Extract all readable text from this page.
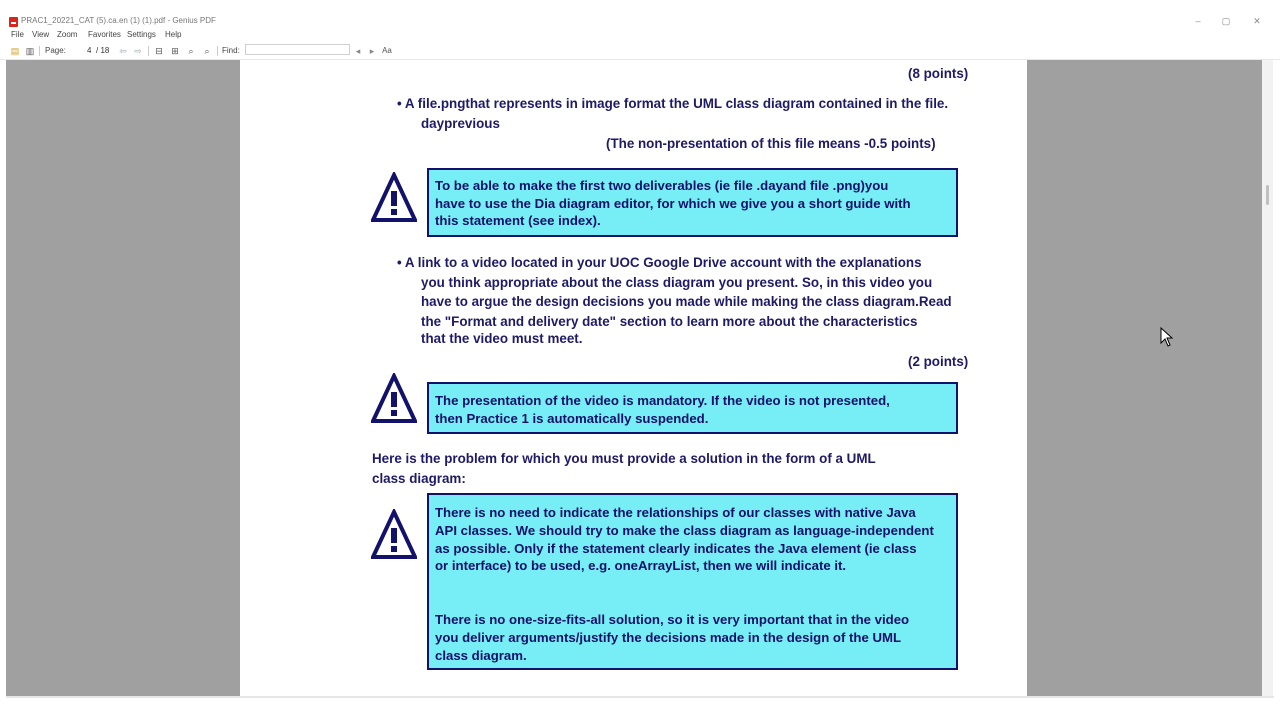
PRAC1_20221_CAT (5).ca.en (1) (1).pdf - Genius PDF	–	▢	✕
File View Zoom Favorites Settings Help
▤ ▥ Page:	4 / 18 ⇦ ⇨ ⊟ ⊞ ⌕ ⌕	Find:	◂	▸ Aa
(8 points)
• A file.pngthat represents in image format the UML class diagram contained in the file.
dayprevious
(The non-presentation of this file means -0.5 points)
To be able to make the first two deliverables (ie file .dayand file .png)you
have to use the Dia diagram editor, for which we give you a short guide with
this statement (see index).
• A link to a video located in your UOC Google Drive account with the explanations
you think appropriate about the class diagram you present. So, in this video you
have to argue the design decisions you made while making the class diagram.Read
the "Format and delivery date" section to learn more about the characteristics
that the video must meet.
(2 points)
The presentation of the video is mandatory. If the video is not presented,
then Practice 1 is automatically suspended.
Here is the problem for which you must provide a solution in the form of a UML
class diagram:
There is no need to indicate the relationships of our classes with native Java
API classes. We should try to make the class diagram as language-independent
as possible. Only if the statement clearly indicates the Java element (ie class
or interface) to be used, e.g. oneArrayList, then we will indicate it.
There is no one-size-fits-all solution, so it is very important that in the video
you deliver arguments/justify the decisions made in the design of the UML
class diagram.
